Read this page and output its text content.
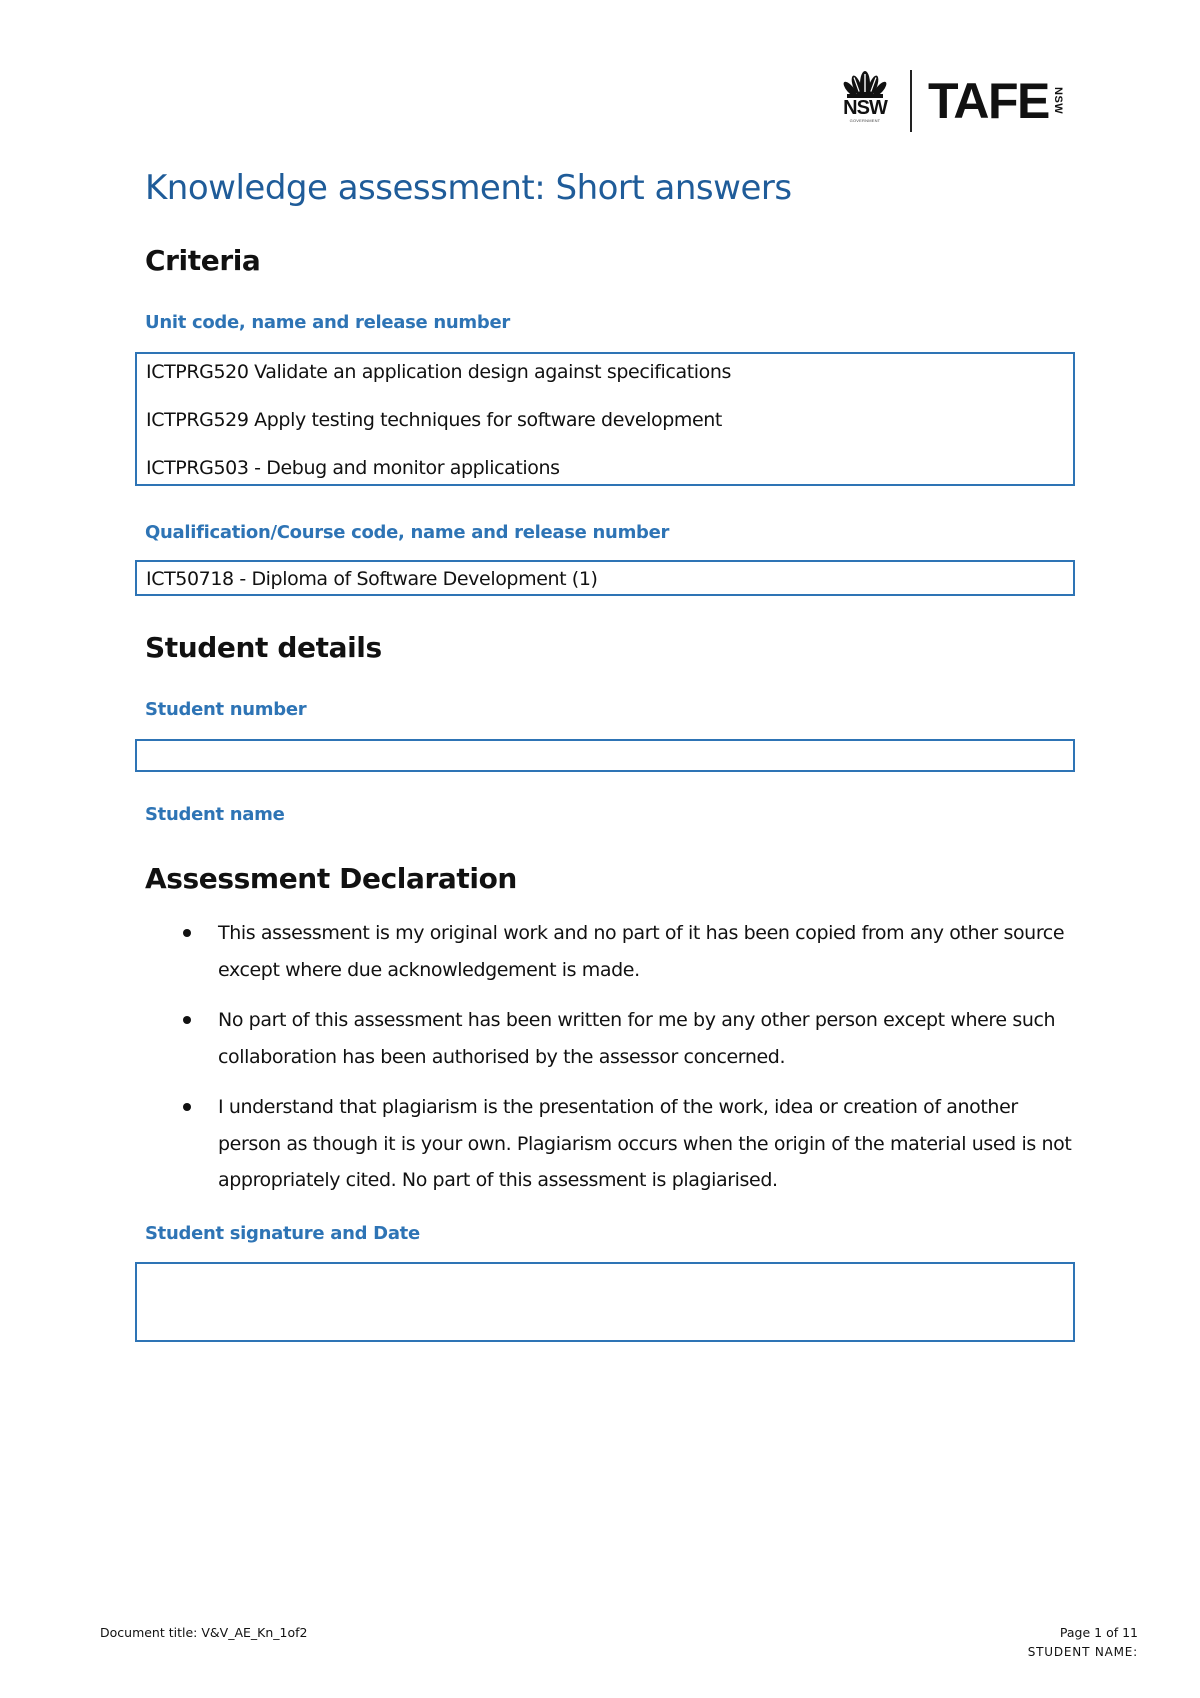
NSW
GOVERNMENT TAFE NSW
Knowledge assessment: Short answers
Criteria
Unit code, name and release number
ICTPRG520 Validate an application design against specifications
ICTPRG529 Apply testing techniques for software development
ICTPRG503 - Debug and monitor applications
Qualification/Course code, name and release number
ICT50718 - Diploma of Software Development (1)
Student details
Student number
Student name
Assessment Declaration
This assessment is my original work and no part of it has been copied from any other source except where due acknowledgement is made.
No part of this assessment has been written for me by any other person except where such collaboration has been authorised by the assessor concerned.
I understand that plagiarism is the presentation of the work, idea or creation of another person as though it is your own. Plagiarism occurs when the origin of the material used is not appropriately cited. No part of this assessment is plagiarised.
Student signature and Date
Document title: V&V_AE_Kn_1of2	Page 1 of 11
STUDENT NAME:
